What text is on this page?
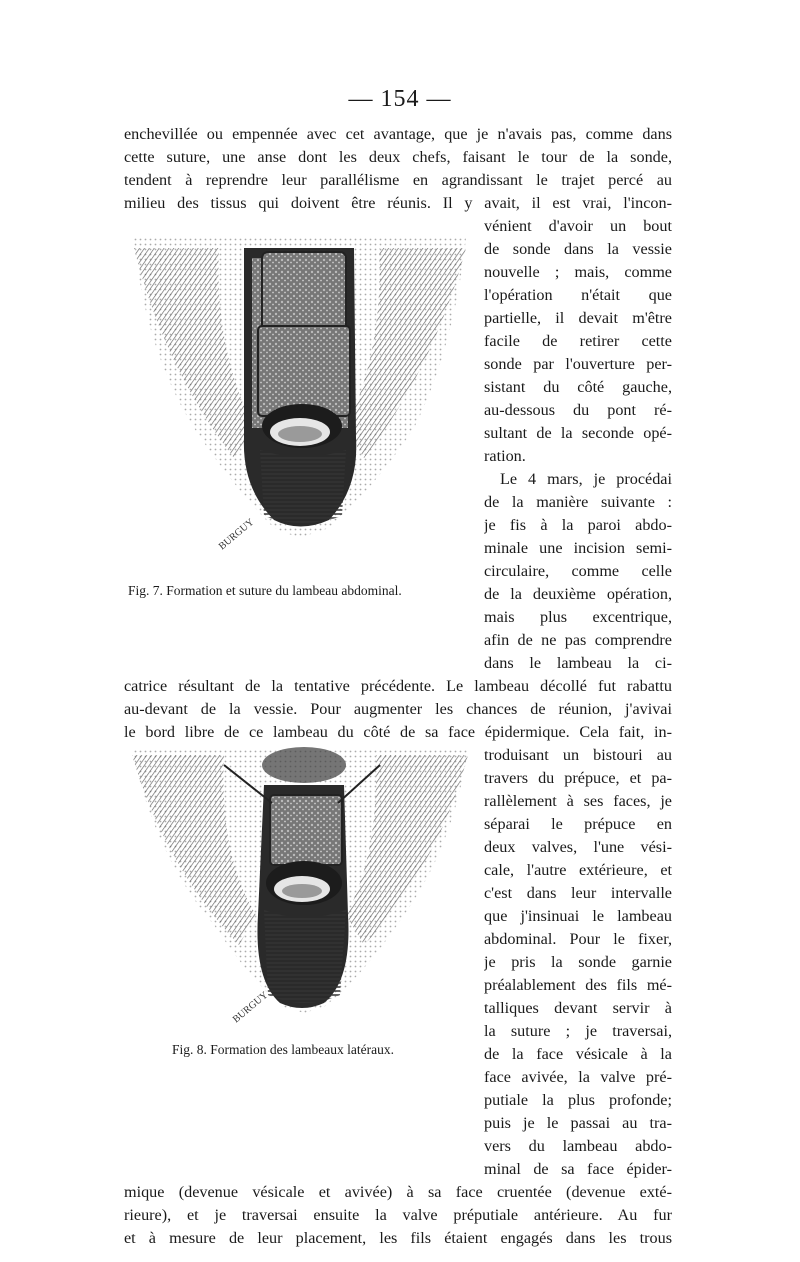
— 154 —
enchevillée ou empennée avec cet avantage, que je n'avais pas, comme dans
cette suture, une anse dont les deux chefs, faisant le tour de la sonde,
tendent à reprendre leur parallélisme en agrandissant le trajet percé au
milieu des tissus qui doivent être réunis. Il y avait, il est vrai, l'incon-
vénient d'avoir un bout
de sonde dans la vessie
nouvelle ; mais, comme
l'opération n'était que
partielle, il devait m'être
facile de retirer cette
sonde par l'ouverture per-
sistant du côté gauche,
au-dessous du pont ré-
sultant de la seconde opé-
ration.
Le 4 mars, je procédai
de la manière suivante :
je fis à la paroi abdo-
minale une incision semi-
circulaire, comme celle
de la deuxième opération,
mais plus excentrique,
afin de ne pas comprendre
dans le lambeau la ci-
BURGUY
Fig. 7. Formation et suture du lambeau abdominal.
catrice résultant de la tentative précédente. Le lambeau décollé fut rabattu
au-devant de la vessie. Pour augmenter les chances de réunion, j'avivai
le bord libre de ce lambeau du côté de sa face épidermique. Cela fait, in-
troduisant un bistouri au
travers du prépuce, et pa-
rallèlement à ses faces, je
séparai le prépuce en
deux valves, l'une vési-
cale, l'autre extérieure, et
c'est dans leur intervalle
que j'insinuai le lambeau
abdominal. Pour le fixer,
je pris la sonde garnie
préalablement des fils mé-
talliques devant servir à
la suture ; je traversai,
de la face vésicale à la
face avivée, la valve pré-
putiale la plus profonde;
puis je le passai au tra-
vers du lambeau abdo-
minal de sa face épider-
BURGUY
Fig. 8. Formation des lambeaux latéraux.
mique (devenue vésicale et avivée) à sa face cruentée (devenue exté-
rieure), et je traversai ensuite la valve préputiale antérieure. Au fur
et à mesure de leur placement, les fils étaient engagés dans les trous
